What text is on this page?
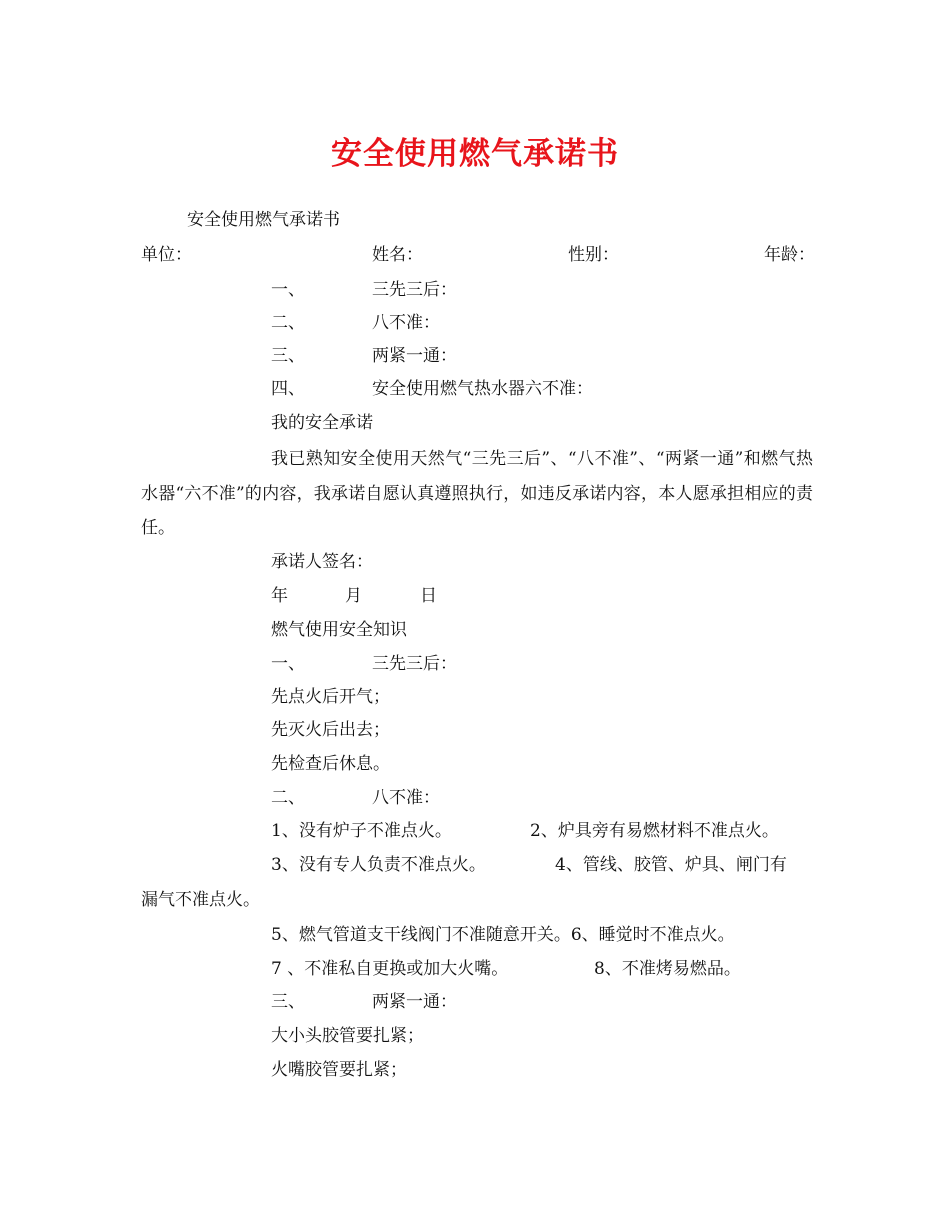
安全使用燃气承诺书
安全使用燃气承诺书
单位：	姓名：	性别：	年龄：
一、	三先三后：
二、	八不准：
三、	两紧一通：
四、	安全使用燃气热水器六不准：
我的安全承诺
我已熟知安全使用天然气“三先三后”、“八不准”、“两紧一通”和燃气热水器“六不准”的内容，我承诺自愿认真遵照执行，如违反承诺内容，本人愿承担相应的责任。
承诺人签名：
年	月	日
燃气使用安全知识
一、	三先三后：
先点火后开气；
先灭火后出去；
先检查后休息。
二、	八不准：
1、没有炉子不准点火。	2、炉具旁有易燃材料不准点火。
3、没有专人负责不准点火。	4、管线、胶管、炉具、闸门有
漏气不准点火。
5、燃气管道支干线阀门不准随意开关。6、睡觉时不准点火。
7 、不准私自更换或加大火嘴。	8、不准烤易燃品。
三、	两紧一通：
大小头胶管要扎紧；
火嘴胶管要扎紧；
